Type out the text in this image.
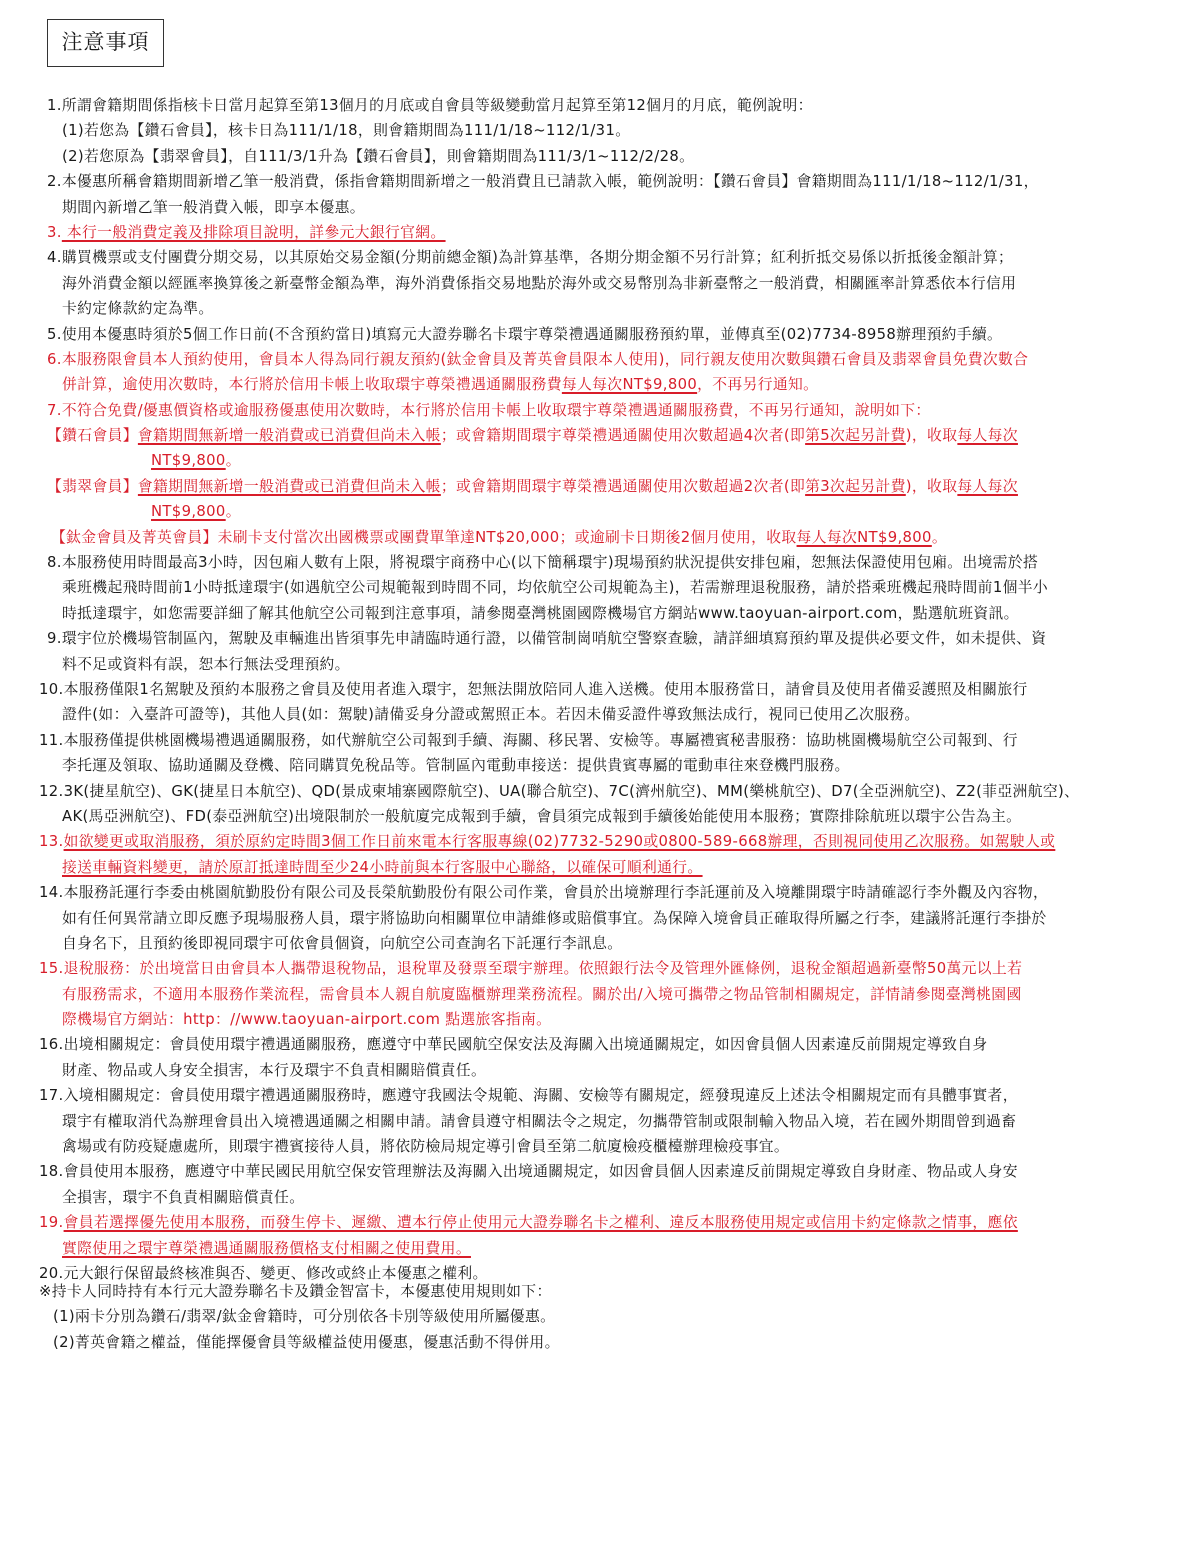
注意事項
1.所謂會籍期間係指核卡日當月起算至第13個月的月底或自會員等級變動當月起算至第12個月的月底，範例說明：
(1)若您為【鑽石會員】，核卡日為111/1/18，則會籍期間為111/1/18~112/1/31。
(2)若您原為【翡翠會員】，自111/3/1升為【鑽石會員】，則會籍期間為111/3/1~112/2/28。
2.本優惠所稱會籍期間新增乙筆一般消費，係指會籍期間新增之一般消費且已請款入帳，範例說明：【鑽石會員】會籍期間為111/1/18~112/1/31，
期間內新增乙筆一般消費入帳，即享本優惠。
3. 本行一般消費定義及排除項目說明，詳參元大銀行官網。
4.購買機票或支付團費分期交易，以其原始交易金額(分期前總金額)為計算基準，各期分期金額不另行計算；紅利折抵交易係以折抵後金額計算；
海外消費金額以經匯率換算後之新臺幣金額為準，海外消費係指交易地點於海外或交易幣別為非新臺幣之一般消費，相關匯率計算悉依本行信用
卡約定條款約定為準。
5.使用本優惠時須於5個工作日前(不含預約當日)填寫元大證券聯名卡環宇尊榮禮遇通關服務預約單，並傳真至(02)7734-8958辦理預約手續。
6.本服務限會員本人預約使用，會員本人得為同行親友預約(鈦金會員及菁英會員限本人使用)，同行親友使用次數與鑽石會員及翡翠會員免費次數合
併計算，逾使用次數時，本行將於信用卡帳上收取環宇尊榮禮遇通關服務費每人每次NT$9,800，不再另行通知。
7.不符合免費/優惠價資格或逾服務優惠使用次數時，本行將於信用卡帳上收取環宇尊榮禮遇通關服務費，不再另行通知，說明如下：
【鑽石會員】會籍期間無新增一般消費或已消費但尚未入帳；或會籍期間環宇尊榮禮遇通關使用次數超過4次者(即第5次起另計費)，收取每人每次
NT$9,800。
【翡翠會員】會籍期間無新增一般消費或已消費但尚未入帳；或會籍期間環宇尊榮禮遇通關使用次數超過2次者(即第3次起另計費)，收取每人每次
NT$9,800。
【鈦金會員及菁英會員】未刷卡支付當次出國機票或團費單筆達NT$20,000；或逾刷卡日期後2個月使用，收取每人每次NT$9,800。
8.本服務使用時間最高3小時，因包廂人數有上限，將視環宇商務中心(以下簡稱環宇)現場預約狀況提供安排包廂，恕無法保證使用包廂。出境需於搭
乘班機起飛時間前1小時抵達環宇(如遇航空公司規範報到時間不同，均依航空公司規範為主)，若需辦理退稅服務，請於搭乘班機起飛時間前1個半小
時抵達環宇，如您需要詳細了解其他航空公司報到注意事項，請參閱臺灣桃園國際機場官方網站www.taoyuan-airport.com，點選航班資訊。
9.環宇位於機場管制區內，駕駛及車輛進出皆須事先申請臨時通行證，以備管制崗哨航空警察查驗，請詳細填寫預約單及提供必要文件，如未提供、資
料不足或資料有誤，恕本行無法受理預約。
10.本服務僅限1名駕駛及預約本服務之會員及使用者進入環宇，恕無法開放陪同人進入送機。使用本服務當日，請會員及使用者備妥護照及相關旅行
證件(如：入臺許可證等)，其他人員(如：駕駛)請備妥身分證或駕照正本。若因未備妥證件導致無法成行，視同已使用乙次服務。
11.本服務僅提供桃園機場禮遇通關服務，如代辦航空公司報到手續、海關、移民署、安檢等。專屬禮賓秘書服務：協助桃園機場航空公司報到、行
李托運及領取、協助通關及登機、陪同購買免稅品等。管制區內電動車接送：提供貴賓專屬的電動車往來登機門服務。
12.3K(捷星航空)、GK(捷星日本航空)、QD(景成柬埔寨國際航空)、UA(聯合航空)、7C(濟州航空)、MM(樂桃航空)、D7(全亞洲航空)、Z2(菲亞洲航空)、
AK(馬亞洲航空)、FD(泰亞洲航空)出境限制於一般航廈完成報到手續，會員須完成報到手續後始能使用本服務；實際排除航班以環宇公告為主。
13.如欲變更或取消服務，須於原約定時間3個工作日前來電本行客服專線(02)7732-5290或0800-589-668辦理，否則視同使用乙次服務。如駕駛人或
接送車輛資料變更，請於原訂抵達時間至少24小時前與本行客服中心聯絡，以確保可順利通行。
14.本服務託運行李委由桃園航勤股份有限公司及長榮航勤股份有限公司作業，會員於出境辦理行李託運前及入境離開環宇時請確認行李外觀及內容物，
如有任何異常請立即反應予現場服務人員，環宇將協助向相關單位申請維修或賠償事宜。為保障入境會員正確取得所屬之行李，建議將託運行李掛於
自身名下，且預約後即視同環宇可依會員個資，向航空公司查詢名下託運行李訊息。
15.退稅服務：於出境當日由會員本人攜帶退稅物品，退稅單及發票至環宇辦理。依照銀行法令及管理外匯條例，退稅金額超過新臺幣50萬元以上若
有服務需求，不適用本服務作業流程，需會員本人親自航廈臨櫃辦理業務流程。關於出/入境可攜帶之物品管制相關規定，詳情請參閱臺灣桃園國
際機場官方網站：http：//www.taoyuan-airport.com 點選旅客指南。
16.出境相關規定：會員使用環宇禮遇通關服務，應遵守中華民國航空保安法及海關入出境通關規定，如因會員個人因素違反前開規定導致自身
財產、物品或人身安全損害，本行及環宇不負責相關賠償責任。
17.入境相關規定：會員使用環宇禮遇通關服務時，應遵守我國法令規範、海關、安檢等有關規定，經發現違反上述法令相關規定而有具體事實者，
環宇有權取消代為辦理會員出入境禮遇通關之相關申請。請會員遵守相關法令之規定，勿攜帶管制或限制輸入物品入境，若在國外期間曾到過畜
禽場或有防疫疑慮處所，則環宇禮賓接待人員，將依防檢局規定導引會員至第二航廈檢疫櫃檯辦理檢疫事宜。
18.會員使用本服務，應遵守中華民國民用航空保安管理辦法及海關入出境通關規定，如因會員個人因素違反前開規定導致自身財產、物品或人身安
全損害，環宇不負責相關賠償責任。
19.會員若選擇優先使用本服務，而發生停卡、遲繳、遭本行停止使用元大證券聯名卡之權利、違反本服務使用規定或信用卡約定條款之情事，應依
實際使用之環宇尊榮禮遇通關服務價格支付相關之使用費用。
20.元大銀行保留最終核准與否、變更、修改或終止本優惠之權利。
※持卡人同時持有本行元大證券聯名卡及鑽金智富卡，本優惠使用規則如下：
(1)兩卡分別為鑽石/翡翠/鈦金會籍時，可分別依各卡別等級使用所屬優惠。
(2)菁英會籍之權益，僅能擇優會員等級權益使用優惠，優惠活動不得併用。
